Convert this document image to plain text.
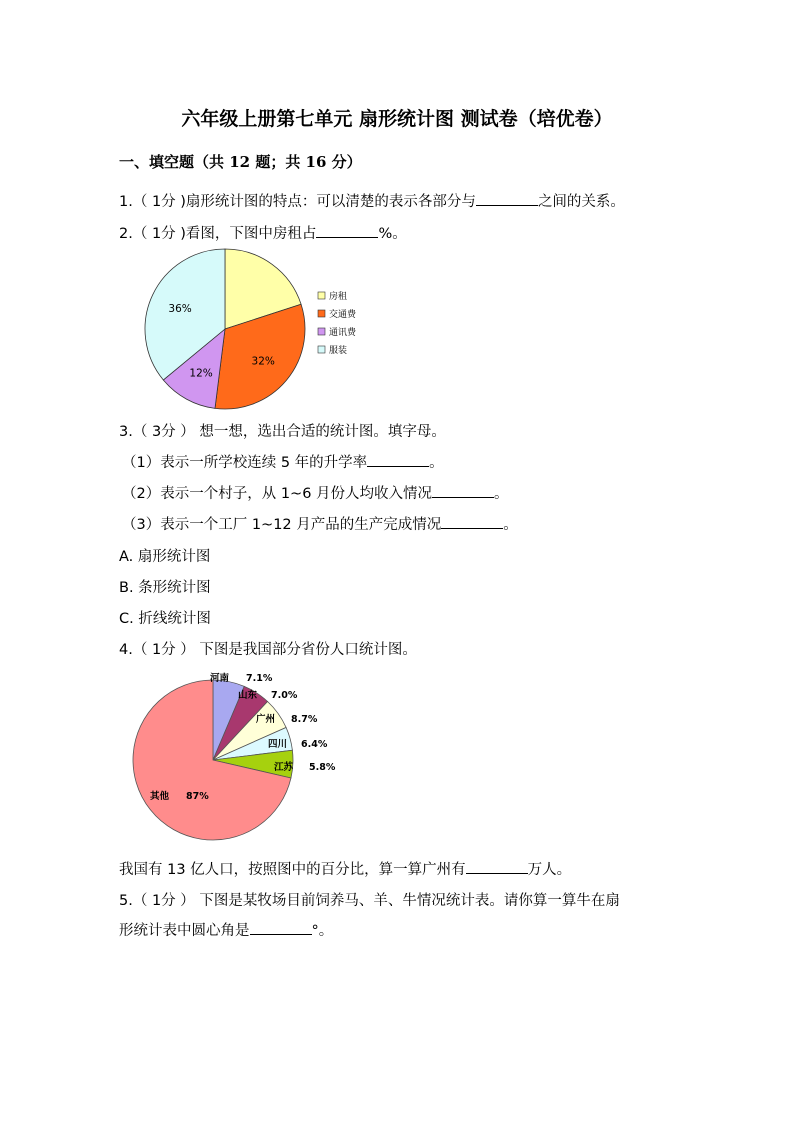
六年级上册第七单元 扇形统计图 测试卷（培优卷）
一、填空题（共 12 题；共 16 分）
1.（ 1分 )扇形统计图的特点：可以清楚的表示各部分与	之间的关系。
2.（ 1分 )看图，下图中房租占	%。
32%
12%
36%
房租
交通费
通讯费
服装
3.（ 3分 ） 想一想，选出合适的统计图。填字母。
（1）表示一所学校连续 5 年的升学率	。
（2）表示一个村子，从 1~6 月份人均收入情况	。
（3）表示一个工厂 1~12 月产品的生产完成情况	。
A. 扇形统计图
B. 条形统计图
C. 折线统计图
4.（ 1分 ） 下图是我国部分省份人口统计图。
河南 7.1%
山东 7.0%
广州 8.7%
四川 6.4%
江苏 5.8%
其他 87%
我国有 13 亿人口，按照图中的百分比，算一算广州有	万人。
5.（ 1分 ） 下图是某牧场目前饲养马、羊、牛情况统计表。请你算一算牛在扇
形统计表中圆心角是	°。
